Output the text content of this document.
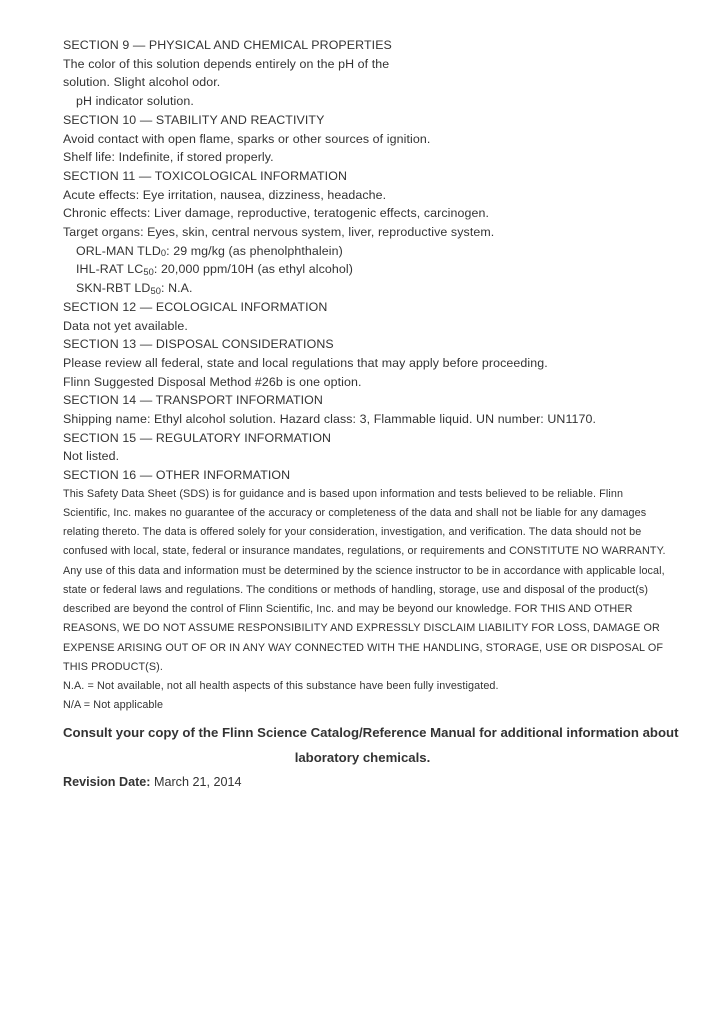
SECTION 9 — PHYSICAL AND CHEMICAL PROPERTIES
The color of this solution depends entirely on the pH of the
solution. Slight alcohol odor.
pH indicator solution.
SECTION 10 — STABILITY AND REACTIVITY
Avoid contact with open flame, sparks or other sources of ignition.
Shelf life: Indefinite, if stored properly.
SECTION 11 — TOXICOLOGICAL INFORMATION
Acute effects: Eye irritation, nausea, dizziness, headache.
Chronic effects: Liver damage, reproductive, teratogenic effects, carcinogen.
Target organs: Eyes, skin, central nervous system, liver, reproductive system.
ORL-MAN $TLD_0$: 29 mg/kg (as phenolphthalein)
IHL-RAT $LC_{50}$: 20,000 ppm/10H (as ethyl alcohol)
SKN-RBT $LD_{50}$: N.A.
SECTION 12 — ECOLOGICAL INFORMATION
Data not yet available.
SECTION 13 — DISPOSAL CONSIDERATIONS
Please review all federal, state and local regulations that may apply before proceeding.
Flinn Suggested Disposal Method #26b is one option.
SECTION 14 — TRANSPORT INFORMATION
Shipping name: Ethyl alcohol solution. Hazard class: 3, Flammable liquid. UN number: UN1170.
SECTION 15 — REGULATORY INFORMATION
Not listed.
SECTION 16 — OTHER INFORMATION
This Safety Data Sheet (SDS) is for guidance and is based upon information and tests believed to be reliable. Flinn
Scientific, Inc. makes no guarantee of the accuracy or completeness of the data and shall not be liable for any damages
relating thereto. The data is offered solely for your consideration, investigation, and verification. The data should not be
confused with local, state, federal or insurance mandates, regulations, or requirements and CONSTITUTE NO WARRANTY.
Any use of this data and information must be determined by the science instructor to be in accordance with applicable local,
state or federal laws and regulations. The conditions or methods of handling, storage, use and disposal of the product(s)
described are beyond the control of Flinn Scientific, Inc. and may be beyond our knowledge. FOR THIS AND OTHER
REASONS, WE DO NOT ASSUME RESPONSIBILITY AND EXPRESSLY DISCLAIM LIABILITY FOR LOSS, DAMAGE OR
EXPENSE ARISING OUT OF OR IN ANY WAY CONNECTED WITH THE HANDLING, STORAGE, USE OR DISPOSAL OF
THIS PRODUCT(S).
N.A. = Not available, not all health aspects of this substance have been fully investigated.
N/A = Not applicable
Consult your copy of the Flinn Science Catalog/Reference Manual for additional information about
laboratory chemicals.
Revision Date: March 21, 2014
